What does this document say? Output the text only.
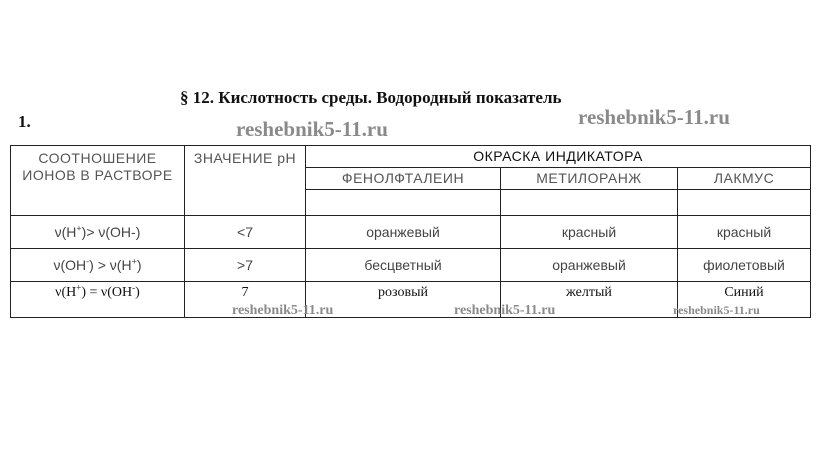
§ 12. Кислотность среды. Водородный показатель
1.	reshebnik5-11.ru	reshebnik5-11.ru
СООТНОШЕНИЕ ИОНОВ В РАСТВОРЕ	ЗНАЧЕНИЕ рН	ОКРАСКА ИНДИКАТОРА		
		ФЕНОЛФТАЛЕИН	МЕТИЛОРАНЖ	ЛАКМУС

ν(H+)> ν(OH-)	<7	оранжевый	красный	красный
ν(OH-) > ν(H+)	>7	бесцветный	оранжевый	фиолетовый
ν(H+) = ν(OH-)	7	розовый	желтый	Синий
reshebnik5-11.ru	reshebnik5-11.ru	reshebnik5-11.ru
